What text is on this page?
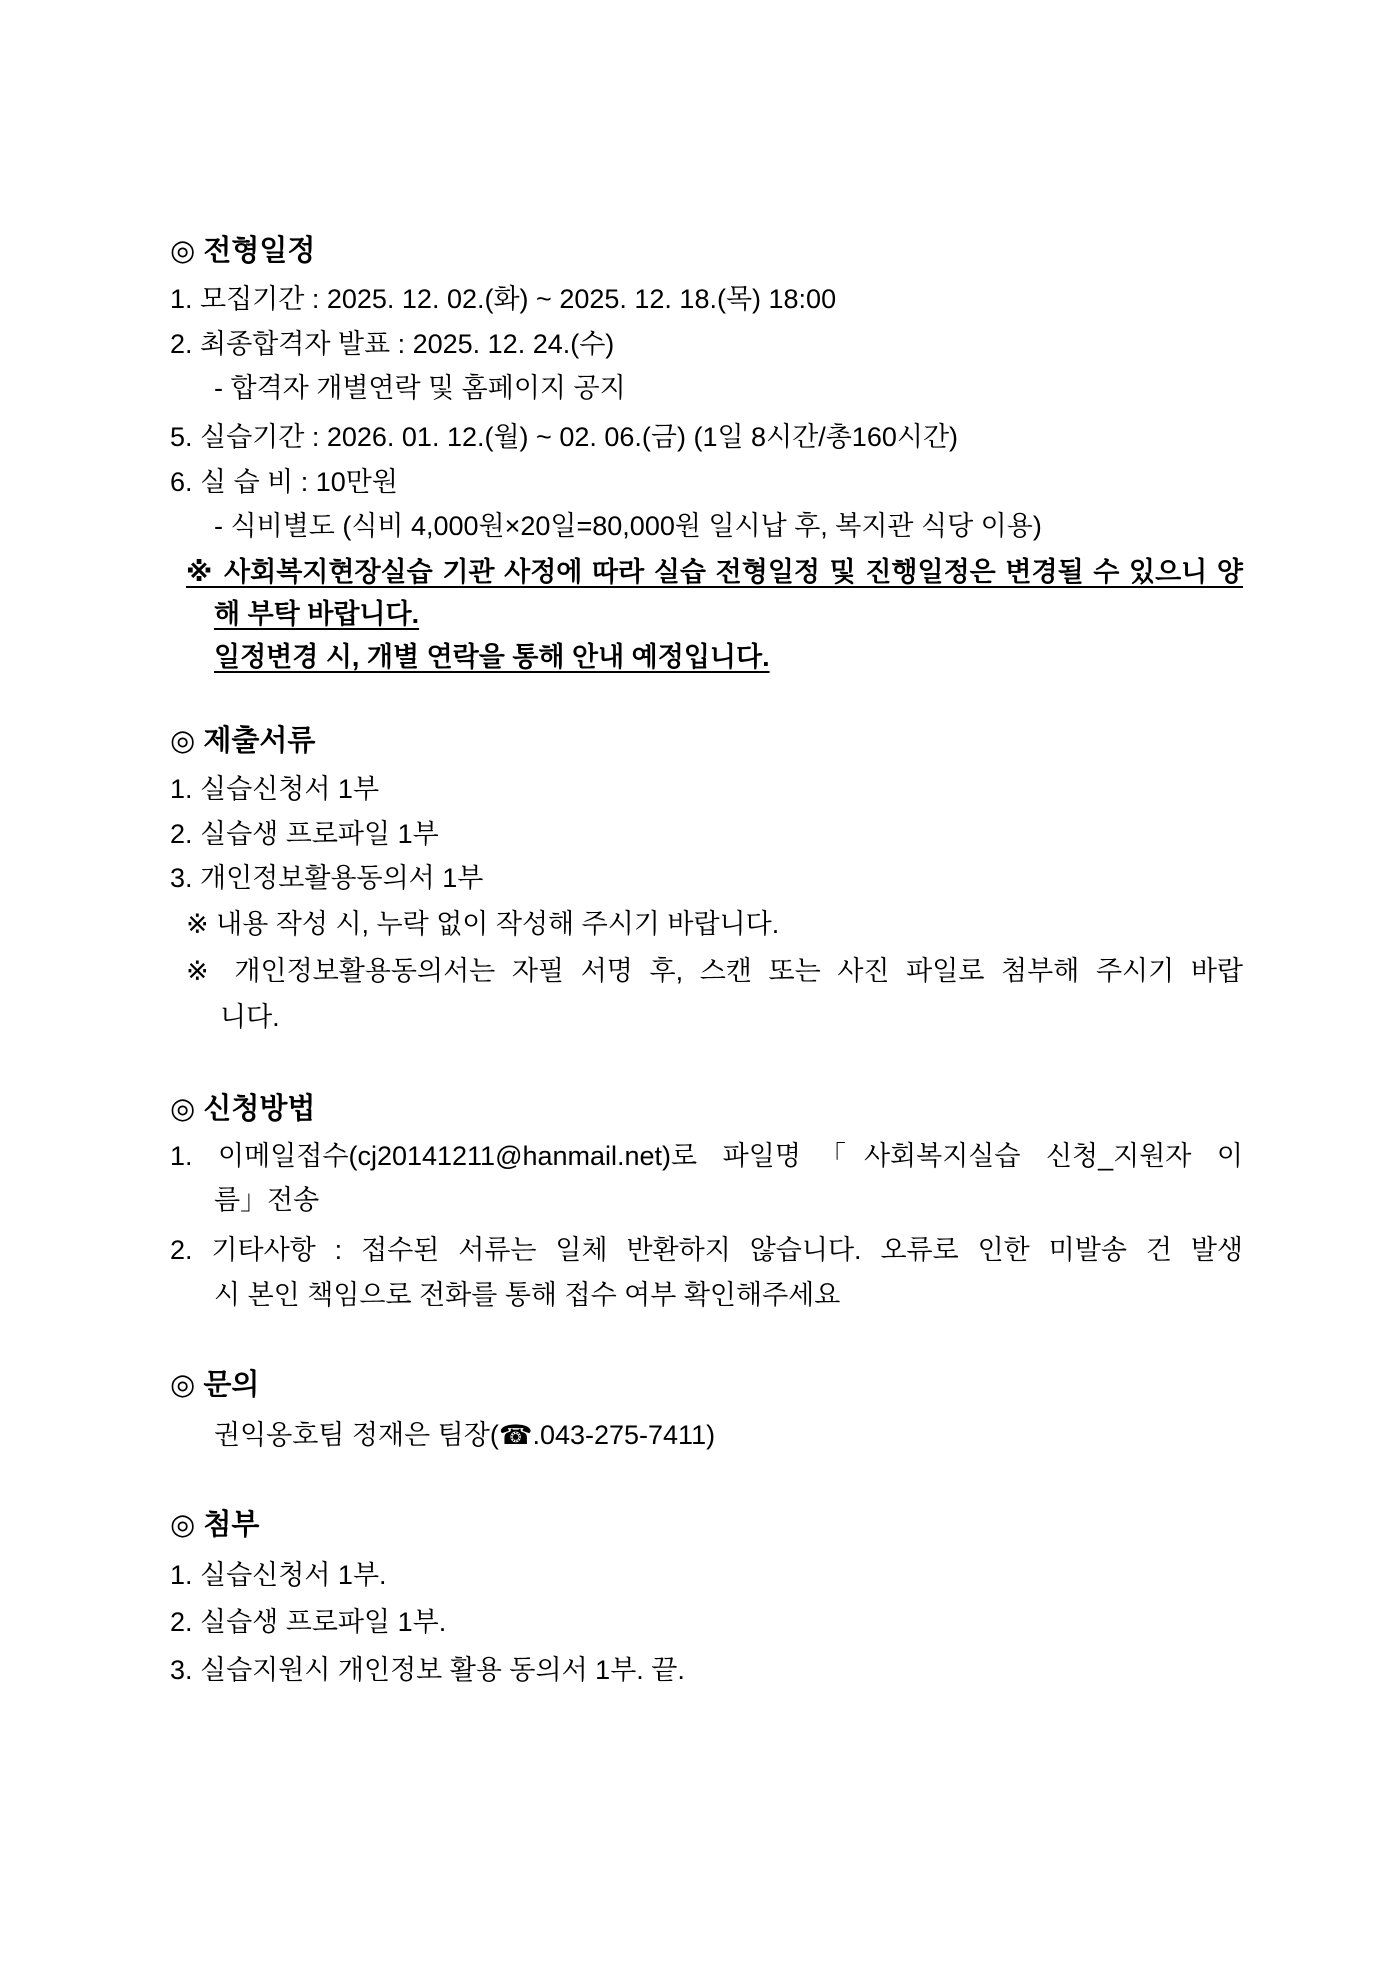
◎ 전형일정
1. 모집기간 : 2025. 12. 02.(화) ~ 2025. 12. 18.(목) 18:00
2. 최종합격자 발표 : 2025. 12. 24.(수)
- 합격자 개별연락 및 홈페이지 공지
5. 실습기간 : 2026. 01. 12.(월) ~ 02. 06.(금) (1일 8시간/총160시간)
6. 실 습 비 : 10만원
- 식비별도 (식비 4,000원×20일=80,000원 일시납 후, 복지관 식당 이용)
※ 사회복지현장실습 기관 사정에 따라 실습 전형일정 및 진행일정은 변경될 수 있으니 양
해 부탁 바랍니다.
일정변경 시, 개별 연락을 통해 안내 예정입니다.
◎ 제출서류
1. 실습신청서 1부
2. 실습생 프로파일 1부
3. 개인정보활용동의서 1부
※ 내용 작성 시, 누락 없이 작성해 주시기 바랍니다.
※ 개인정보활용동의서는 자필 서명 후, 스캔 또는 사진 파일로 첨부해 주시기 바랍
니다.
◎ 신청방법
1. 이메일접수(cj20141211@hanmail.net)로 파일명「사회복지실습 신청_지원자 이
름」전송
2. 기타사항 : 접수된 서류는 일체 반환하지 않습니다. 오류로 인한 미발송 건 발생
시 본인 책임으로 전화를 통해 접수 여부 확인해주세요
◎ 문의
권익옹호팀 정재은 팀장(☎.043-275-7411)
◎ 첨부
1. 실습신청서 1부.
2. 실습생 프로파일 1부.
3. 실습지원시 개인정보 활용 동의서 1부. 끝.
